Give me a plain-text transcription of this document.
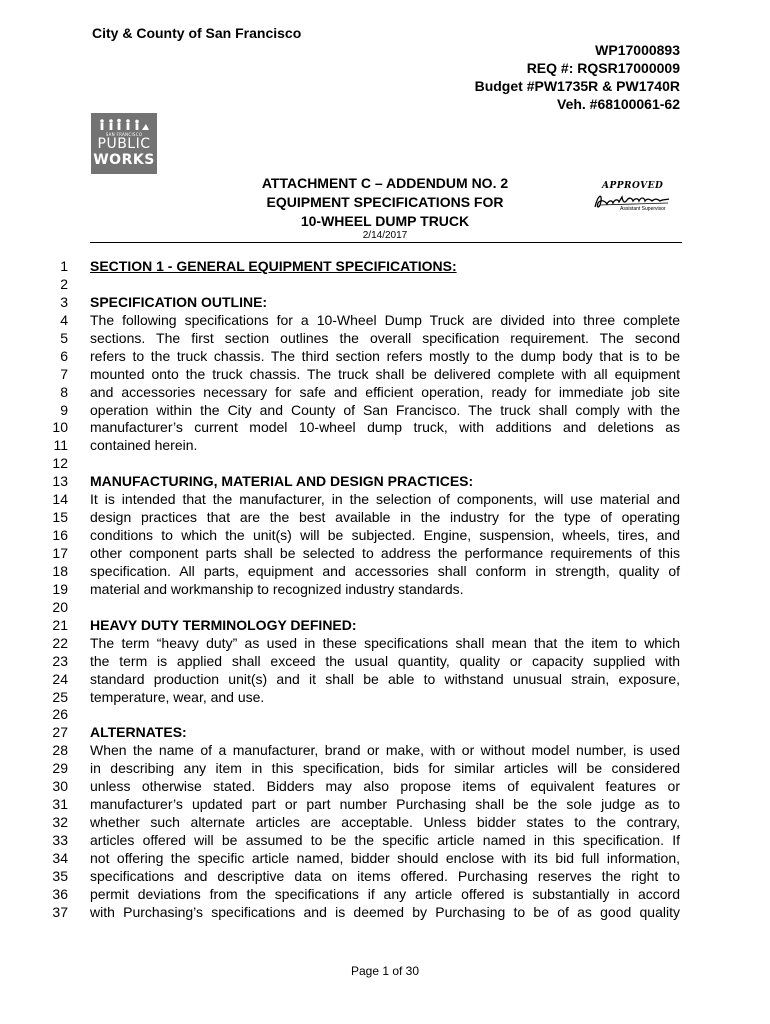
City & County of San Francisco
WP17000893
REQ #: RQSR17000009
Budget #PW1735R & PW1740R
Veh. #68100061-62
SAN FRANCISCO
PUBLIC
WORKS
ATTACHMENT C – ADDENDUM NO. 2
EQUIPMENT SPECIFICATIONS FOR
10-WHEEL DUMP TRUCK
2/14/2017
APPROVED
Assistant Supervisor
1 SECTION 1 - GENERAL EQUIPMENT SPECIFICATIONS:
2
3 SPECIFICATION OUTLINE:
4 The following specifications for a 10-Wheel Dump Truck are divided into three complete
5 sections. The first section outlines the overall specification requirement. The second
6 refers to the truck chassis. The third section refers mostly to the dump body that is to be
7 mounted onto the truck chassis. The truck shall be delivered complete with all equipment
8 and accessories necessary for safe and efficient operation, ready for immediate job site
9 operation within the City and County of San Francisco. The truck shall comply with the
10 manufacturer’s current model 10-wheel dump truck, with additions and deletions as
11 contained herein.
12
13 MANUFACTURING, MATERIAL AND DESIGN PRACTICES:
14 It is intended that the manufacturer, in the selection of components, will use material and
15 design practices that are the best available in the industry for the type of operating
16 conditions to which the unit(s) will be subjected. Engine, suspension, wheels, tires, and
17 other component parts shall be selected to address the performance requirements of this
18 specification. All parts, equipment and accessories shall conform in strength, quality of
19 material and workmanship to recognized industry standards.
20
21 HEAVY DUTY TERMINOLOGY DEFINED:
22 The term “heavy duty” as used in these specifications shall mean that the item to which
23 the term is applied shall exceed the usual quantity, quality or capacity supplied with
24 standard production unit(s) and it shall be able to withstand unusual strain, exposure,
25 temperature, wear, and use.
26
27 ALTERNATES:
28 When the name of a manufacturer, brand or make, with or without model number, is used
29 in describing any item in this specification, bids for similar articles will be considered
30 unless otherwise stated. Bidders may also propose items of equivalent features or
31 manufacturer’s updated part or part number Purchasing shall be the sole judge as to
32 whether such alternate articles are acceptable. Unless bidder states to the contrary,
33 articles offered will be assumed to be the specific article named in this specification. If
34 not offering the specific article named, bidder should enclose with its bid full information,
35 specifications and descriptive data on items offered. Purchasing reserves the right to
36 permit deviations from the specifications if any article offered is substantially in accord
37 with Purchasing’s specifications and is deemed by Purchasing to be of as good quality
Page 1 of 30
